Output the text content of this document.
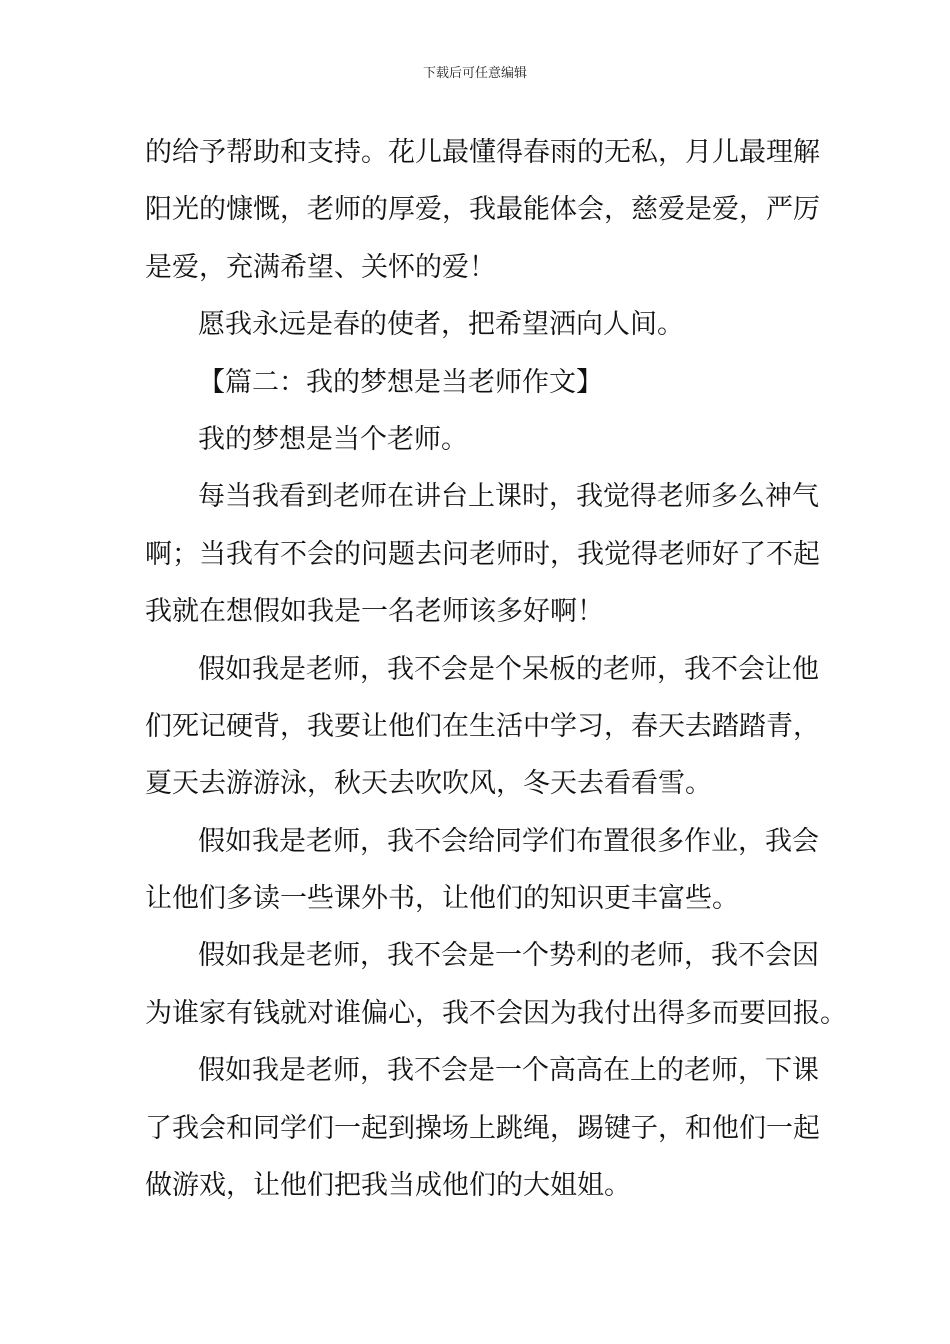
下载后可任意编辑
的给予帮助和支持。花儿最懂得春雨的无私，月儿最理解
阳光的慷慨，老师的厚爱，我最能体会，慈爱是爱，严厉
是爱，充满希望、关怀的爱！
愿我永远是春的使者，把希望洒向人间。
【篇二：我的梦想是当老师作文】
我的梦想是当个老师。
每当我看到老师在讲台上课时，我觉得老师多么神气
啊；当我有不会的问题去问老师时，我觉得老师好了不起
我就在想假如我是一名老师该多好啊！
假如我是老师，我不会是个呆板的老师，我不会让他
们死记硬背，我要让他们在生活中学习，春天去踏踏青，
夏天去游游泳，秋天去吹吹风，冬天去看看雪。
假如我是老师，我不会给同学们布置很多作业，我会
让他们多读一些课外书，让他们的知识更丰富些。
假如我是老师，我不会是一个势利的老师，我不会因
为谁家有钱就对谁偏心，我不会因为我付出得多而要回报。
假如我是老师，我不会是一个高高在上的老师，下课
了我会和同学们一起到操场上跳绳，踢键子，和他们一起
做游戏，让他们把我当成他们的大姐姐。
